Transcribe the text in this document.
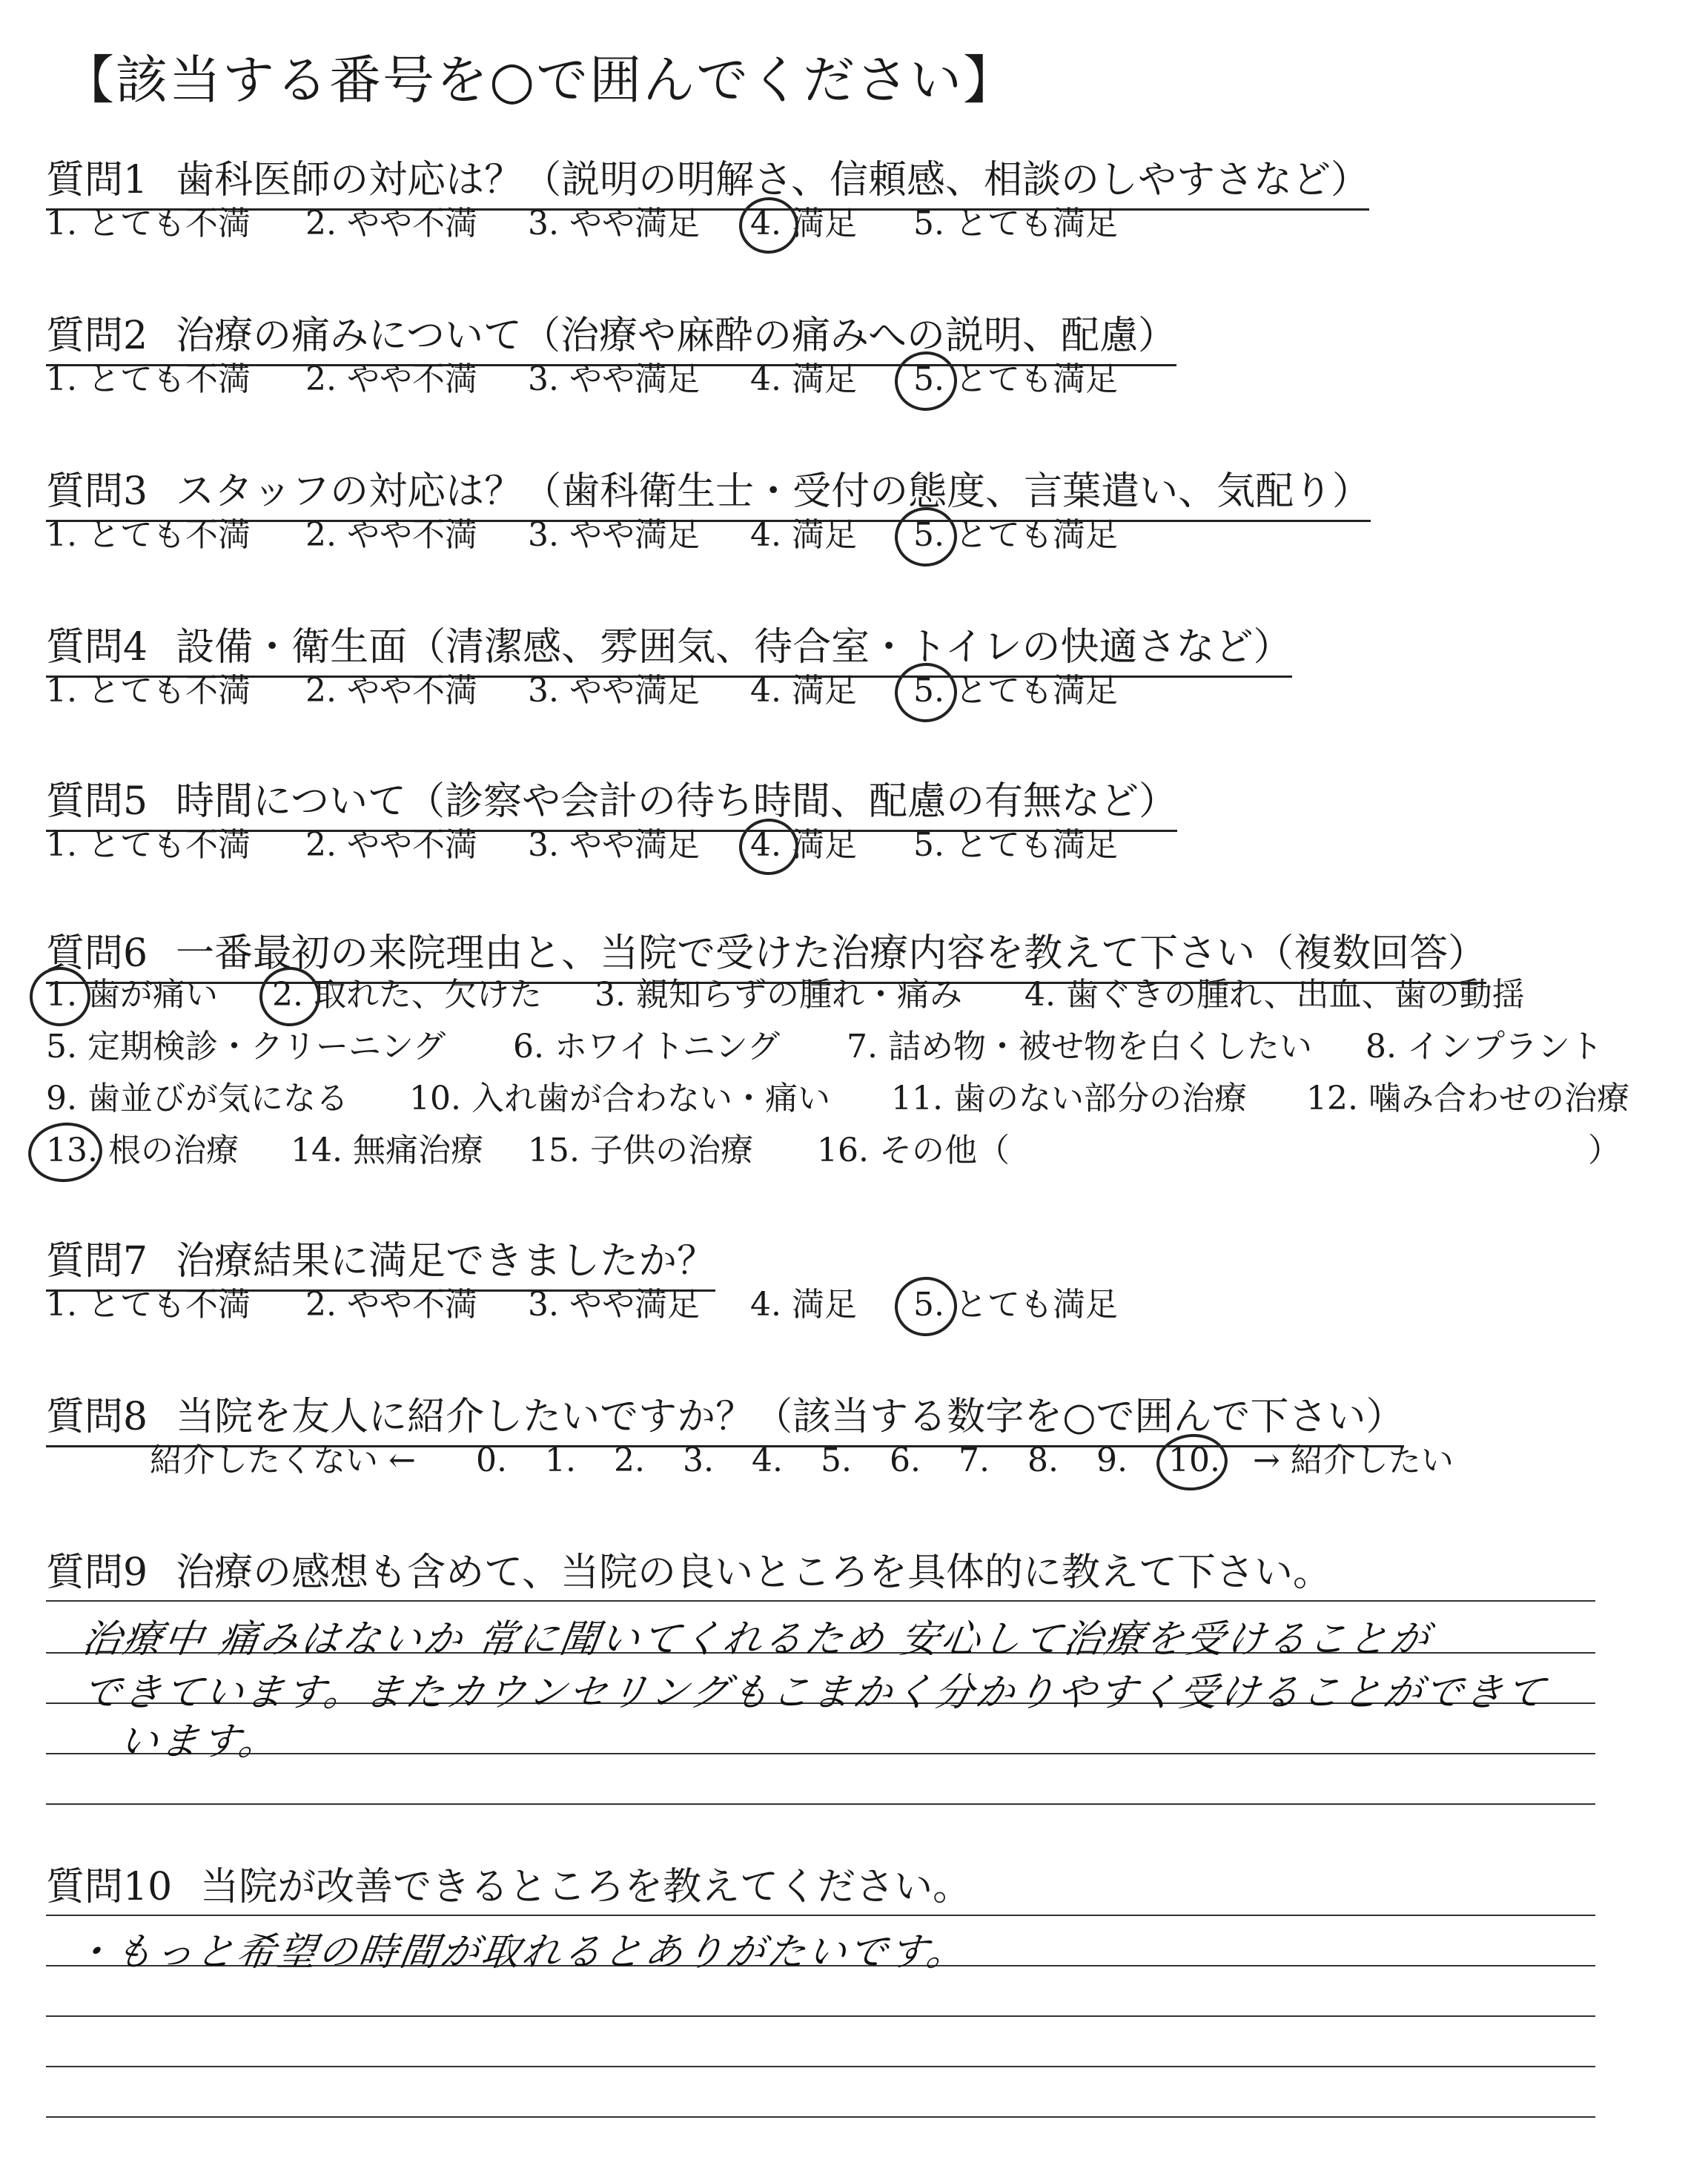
【該当する番号を○で囲んでください】
質問1 歯科医師の対応は？（説明の明解さ、信頼感、相談のしやすさなど）
1. とても不満 2. やや不満 3. やや満足 4. 満足 5. とても満足
質問2 治療の痛みについて（治療や麻酔の痛みへの説明、配慮）
1. とても不満 2. やや不満 3. やや満足 4. 満足 5. とても満足
質問3 スタッフの対応は？（歯科衛生士・受付の態度、言葉遣い、気配り）
1. とても不満 2. やや不満 3. やや満足 4. 満足 5. とても満足
質問4 設備・衛生面（清潔感、雰囲気、待合室・トイレの快適さなど）
1. とても不満 2. やや不満 3. やや満足 4. 満足 5. とても満足
質問5 時間について（診察や会計の待ち時間、配慮の有無など）
1. とても不満 2. やや不満 3. やや満足 4. 満足 5. とても満足
質問6 一番最初の来院理由と、当院で受けた治療内容を教えて下さい（複数回答）
1. 歯が痛い 2. 取れた、欠けた 3. 親知らずの腫れ・痛み 4. 歯ぐきの腫れ、出血、歯の動揺
5. 定期検診・クリーニング 6. ホワイトニング 7. 詰め物・被せ物を白くしたい 8. インプラント
9. 歯並びが気になる 10. 入れ歯が合わない・痛い 11. 歯のない部分の治療 12. 噛み合わせの治療
13. 根の治療 14. 無痛治療 15. 子供の治療 16. その他（	）
質問7 治療結果に満足できましたか？
1. とても不満 2. やや不満 3. やや満足 4. 満足 5. とても満足
質問8 当院を友人に紹介したいですか？（該当する数字を○で囲んで下さい）
紹介したくない ← 0. 1. 2. 3. 4. 5. 6. 7. 8. 9. 10. → 紹介したい
質問9 治療の感想も含めて、当院の良いところを具体的に教えて下さい。
治療中 痛みはないか 常に聞いてくれるため 安心して治療を受けることが
できています。またカウンセリングもこまかく分かりやすく受けることができて
います。
質問10 当院が改善できるところを教えてください。
・もっと希望の時間が取れるとありがたいです。
